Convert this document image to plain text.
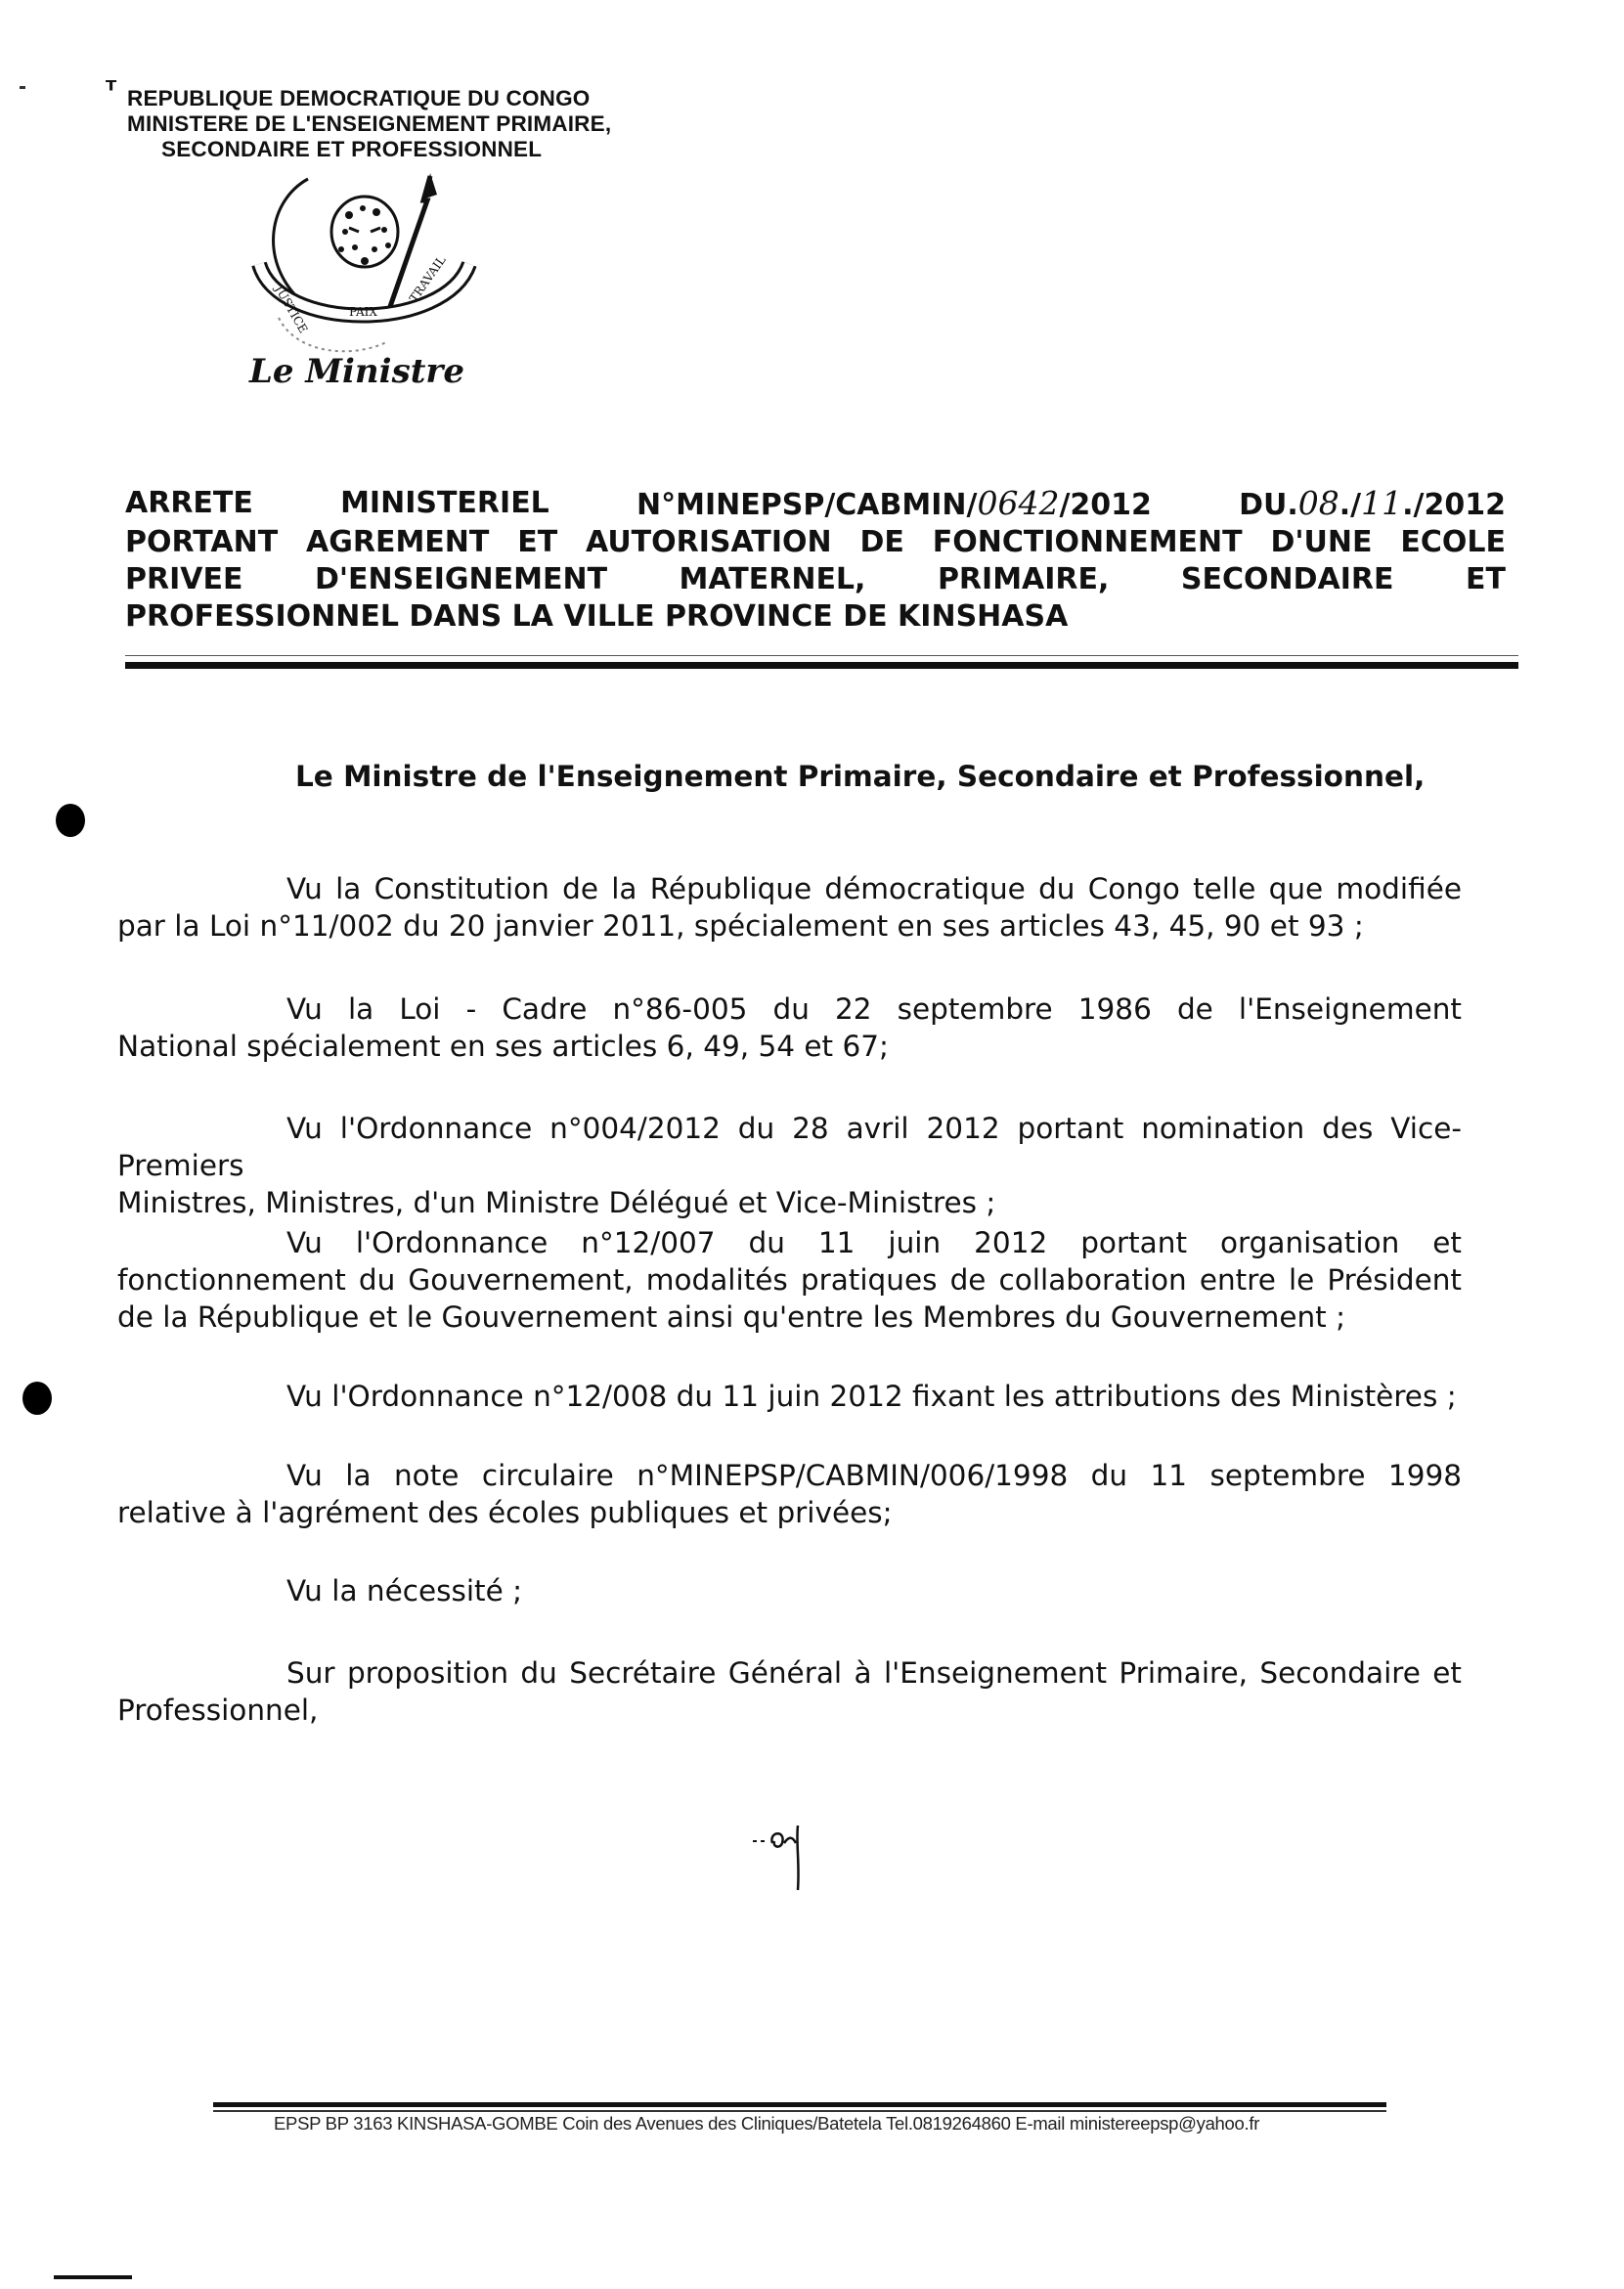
ᵀ REPUBLIQUE DEMOCRATIQUE DU CONGO
MINISTERE DE L'ENSEIGNEMENT PRIMAIRE,
SECONDAIRE ET PROFESSIONNEL
JUSTICE	PAIX
TRAVAIL
Le Ministre
ARRETE	MINISTERIEL	N°MINEPSP/CABMIN/0642/2012	DU.08./11./2012
PORTANT AGREMENT ET AUTORISATION DE FONCTIONNEMENT D'UNE ECOLE
PRIVEE D'ENSEIGNEMENT MATERNEL, PRIMAIRE, SECONDAIRE ET
PROFESSIONNEL DANS LA VILLE PROVINCE DE KINSHASA
Le Ministre de l'Enseignement Primaire, Secondaire et Professionnel,
Vu la Constitution de la République démocratique du Congo telle que modifiée
par la Loi n°11/002 du 20 janvier 2011, spécialement en ses articles 43, 45, 90 et 93 ;
Vu la Loi - Cadre n°86-005 du 22 septembre 1986 de l'Enseignement
National spécialement en ses articles 6, 49, 54 et 67;
Vu l'Ordonnance n°004/2012 du 28 avril 2012 portant nomination des Vice-Premiers
Ministres, Ministres, d'un Ministre Délégué et Vice-Ministres ;
Vu l'Ordonnance n°12/007 du 11 juin 2012 portant organisation et
fonctionnement du Gouvernement, modalités pratiques de collaboration entre le Président de la République et le Gouvernement ainsi qu'entre les Membres du Gouvernement ;
Vu l'Ordonnance n°12/008 du 11 juin 2012 fixant les attributions des Ministères ;
Vu la note circulaire n°MINEPSP/CABMIN/006/1998 du 11 septembre 1998
relative à l'agrément des écoles publiques et privées;
Vu la nécessité ;
Sur proposition du Secrétaire Général à l'Enseignement Primaire, Secondaire et
Professionnel,
EPSP BP 3163 KINSHASA-GOMBE Coin des Avenues des Cliniques/Batetela Tel.0819264860 E-mail ministereepsp@yahoo.fr
